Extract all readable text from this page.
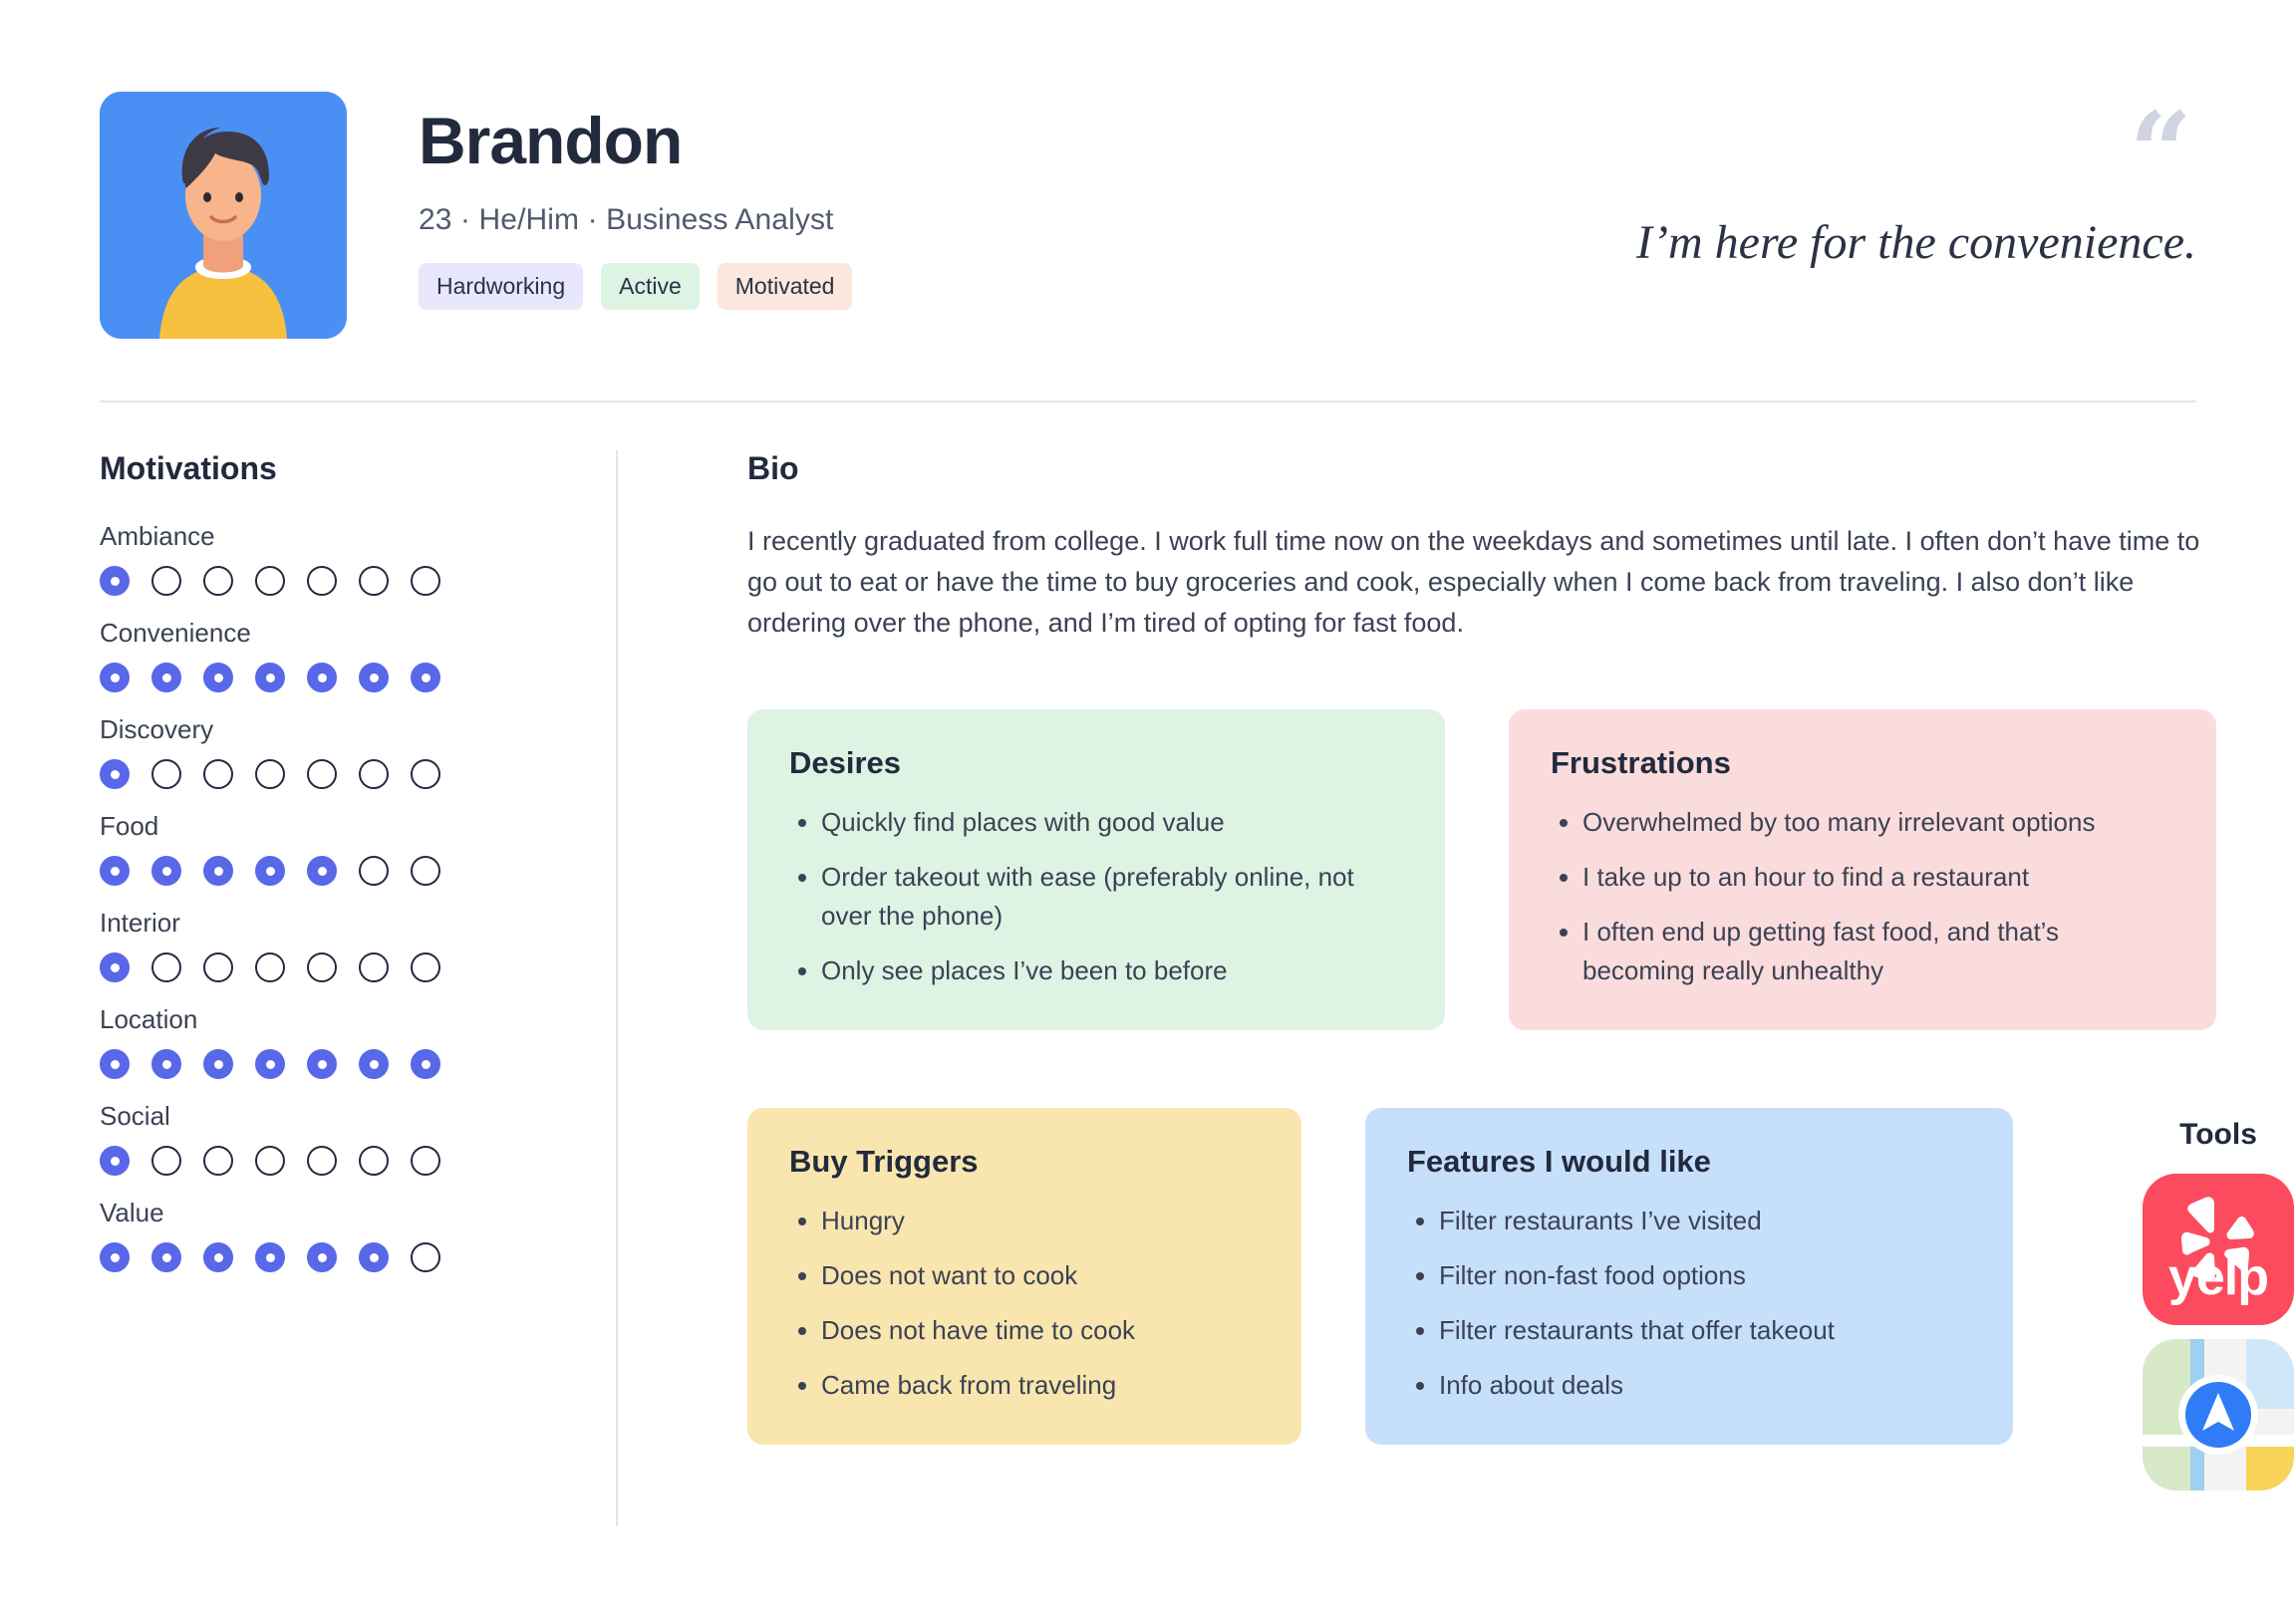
Brandon
23 · He/Him · Business Analyst
Hardworking	Active	Motivated
“
I’m here for the convenience.
Motivations
Ambiance
Convenience
Discovery
Food
Interior
Location
Social
Value
Bio

I recently graduated from college. I work full time now on the weekdays and sometimes until late. I often don’t have time to go out to eat or have the time to buy groceries and cook, especially when I come back from traveling. I also don’t like ordering over the phone, and I’m tired of opting for fast food.

Desires
• Quickly find places with good value
• Order takeout with ease (preferably online, not over the phone)
• Only see places I’ve been to before
Frustrations
• Overwhelmed by too many irrelevant options
• I take up to an hour to find a restaurant
• I often end up getting fast food, and that’s becoming really unhealthy
Buy Triggers
• Hungry
• Does not want to cook
• Does not have time to cook
• Came back from traveling
Features I would like
• Filter restaurants I’ve visited
• Filter non-fast food options
• Filter restaurants that offer takeout
• Info about deals
Tools
yelp
